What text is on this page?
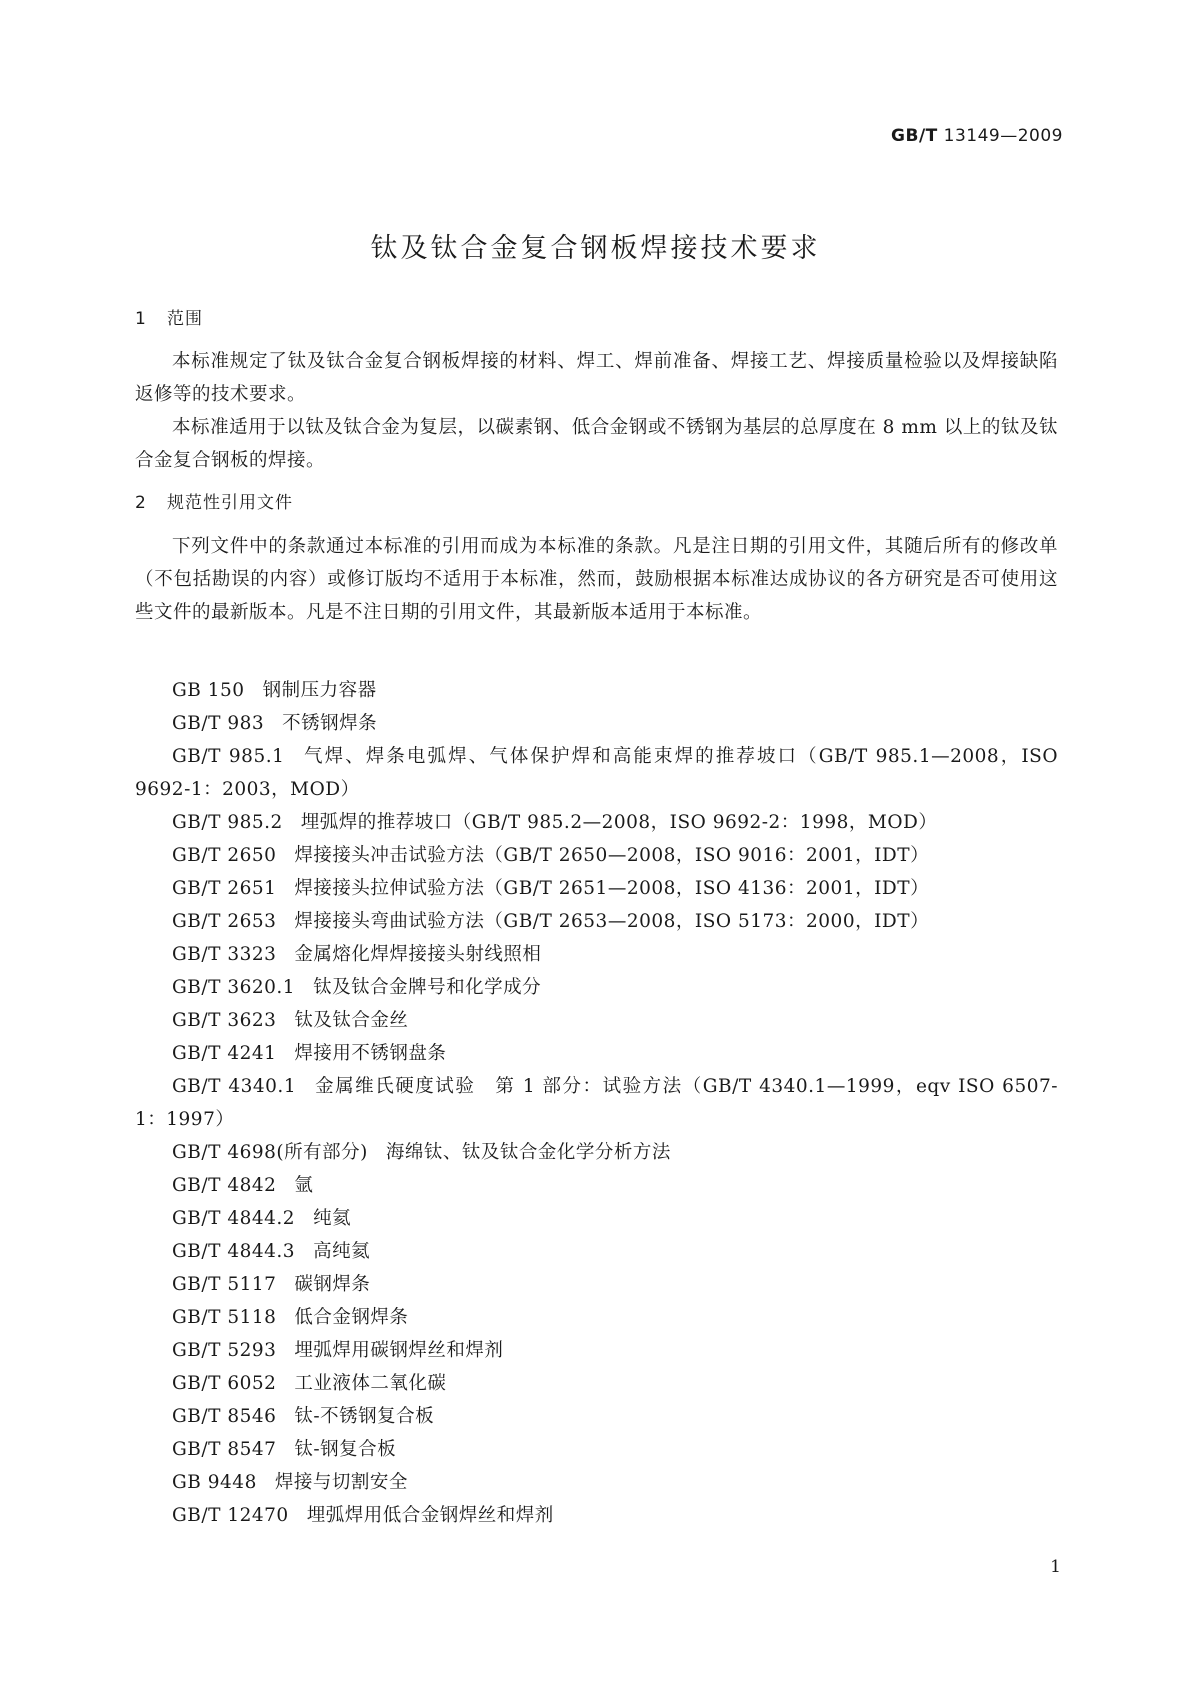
GB/T 13149—2009
钛及钛合金复合钢板焊接技术要求
1 范围
本标准规定了钛及钛合金复合钢板焊接的材料、焊工、焊前准备、焊接工艺、焊接质量检验以及焊接缺陷返修等的技术要求。
本标准适用于以钛及钛合金为复层，以碳素钢、低合金钢或不锈钢为基层的总厚度在 8 mm 以上的钛及钛合金复合钢板的焊接。
2 规范性引用文件
下列文件中的条款通过本标准的引用而成为本标准的条款。凡是注日期的引用文件，其随后所有的修改单（不包括勘误的内容）或修订版均不适用于本标准，然而，鼓励根据本标准达成协议的各方研究是否可使用这些文件的最新版本。凡是不注日期的引用文件，其最新版本适用于本标准。
GB 150 钢制压力容器
GB/T 983 不锈钢焊条
GB/T 985.1 气焊、焊条电弧焊、气体保护焊和高能束焊的推荐坡口（GB/T 985.1—2008，ISO 9692-1：2003，MOD）
GB/T 985.2 埋弧焊的推荐坡口（GB/T 985.2—2008，ISO 9692-2：1998，MOD）
GB/T 2650 焊接接头冲击试验方法（GB/T 2650—2008，ISO 9016：2001，IDT）
GB/T 2651 焊接接头拉伸试验方法（GB/T 2651—2008，ISO 4136：2001，IDT）
GB/T 2653 焊接接头弯曲试验方法（GB/T 2653—2008，ISO 5173：2000，IDT）
GB/T 3323 金属熔化焊焊接接头射线照相
GB/T 3620.1 钛及钛合金牌号和化学成分
GB/T 3623 钛及钛合金丝
GB/T 4241 焊接用不锈钢盘条
GB/T 4340.1 金属维氏硬度试验　第 1 部分：试验方法（GB/T 4340.1—1999，eqv ISO 6507-1：1997）
GB/T 4698(所有部分) 海绵钛、钛及钛合金化学分析方法
GB/T 4842 氩
GB/T 4844.2 纯氦
GB/T 4844.3 高纯氦
GB/T 5117 碳钢焊条
GB/T 5118 低合金钢焊条
GB/T 5293 埋弧焊用碳钢焊丝和焊剂
GB/T 6052 工业液体二氧化碳
GB/T 8546 钛-不锈钢复合板
GB/T 8547 钛-钢复合板
GB 9448 焊接与切割安全
GB/T 12470 埋弧焊用低合金钢焊丝和焊剂
1
